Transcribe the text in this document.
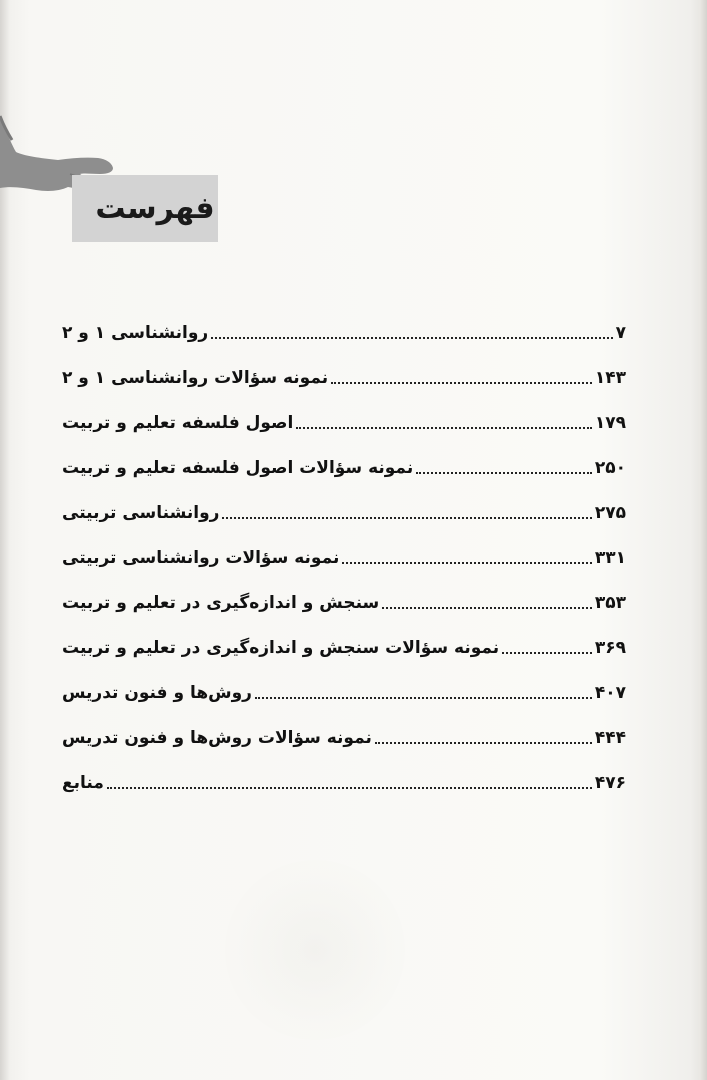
فهرست
روانشناسی ۱ و ۲	۷
نمونه سؤالات روانشناسی ۱ و ۲	۱۴۳
اصول فلسفه تعلیم و تربیت	۱۷۹
نمونه سؤالات اصول فلسفه تعلیم و تربیت	۲۵۰
روانشناسی تربیتی	۲۷۵
نمونه سؤالات روانشناسی تربیتی	۳۳۱
سنجش و اندازه‌گیری در تعلیم و تربیت	۳۵۳
نمونه سؤالات سنجش و اندازه‌گیری در تعلیم و تربیت	۳۶۹
روش‌ها و فنون تدریس	۴۰۷
نمونه سؤالات روش‌ها و فنون تدریس	۴۴۴
منابع	۴۷۶
